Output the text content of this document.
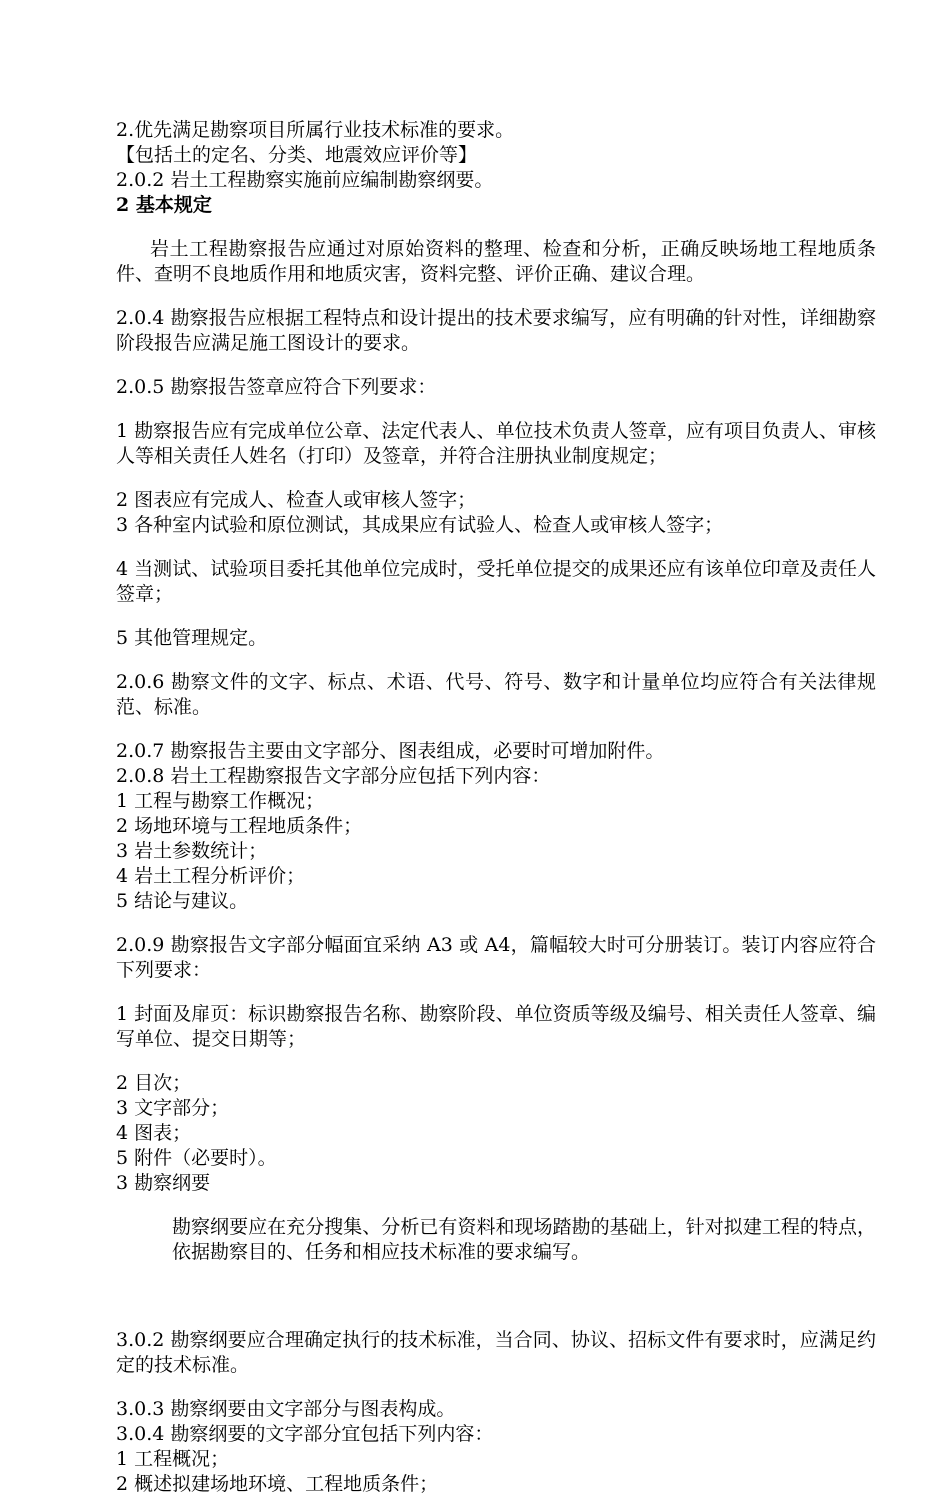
2.优先满足勘察项目所属行业技术标准的要求。

【包括土的定名、分类、地震效应评价等】

2.0.2 岩土工程勘察实施前应编制勘察纲要。

2 基本规定

岩土工程勘察报告应通过对原始资料的整理、检查和分析，正确反映场地工程地质条件、查明不良地质作用和地质灾害，资料完整、评价正确、建议合理。

2.0.4 勘察报告应根据工程特点和设计提出的技术要求编写，应有明确的针对性，详细勘察阶段报告应满足施工图设计的要求。

2.0.5 勘察报告签章应符合下列要求：

1 勘察报告应有完成单位公章、法定代表人、单位技术负责人签章，应有项目负责人、审核人等相关责任人姓名（打印）及签章，并符合注册执业制度规定；

2 图表应有完成人、检查人或审核人签字；

3 各种室内试验和原位测试，其成果应有试验人、检查人或审核人签字；

4 当测试、试验项目委托其他单位完成时，受托单位提交的成果还应有该单位印章及责任人签章；

5 其他管理规定。

2.0.6 勘察文件的文字、标点、术语、代号、符号、数字和计量单位均应符合有关法律规范、标准。

2.0.7 勘察报告主要由文字部分、图表组成，必要时可增加附件。

2.0.8 岩土工程勘察报告文字部分应包括下列内容：

1 工程与勘察工作概况；

2 场地环境与工程地质条件；

3 岩土参数统计；

4 岩土工程分析评价；

5 结论与建议。

2.0.9 勘察报告文字部分幅面宜采纳 A3 或 A4，篇幅较大时可分册装订。装订内容应符合下列要求：

1 封面及扉页：标识勘察报告名称、勘察阶段、单位资质等级及编号、相关责任人签章、编写单位、提交日期等；

2 目次；

3 文字部分；

4 图表；

5 附件（必要时）。

3 勘察纲要

勘察纲要应在充分搜集、分析已有资料和现场踏勘的基础上，针对拟建工程的特点，依据勘察目的、任务和相应技术标准的要求编写。

3.0.2 勘察纲要应合理确定执行的技术标准，当合同、协议、招标文件有要求时，应满足约定的技术标准。

3.0.3 勘察纲要由文字部分与图表构成。

3.0.4 勘察纲要的文字部分宜包括下列内容：

1 工程概况；

2 概述拟建场地环境、工程地质条件；
